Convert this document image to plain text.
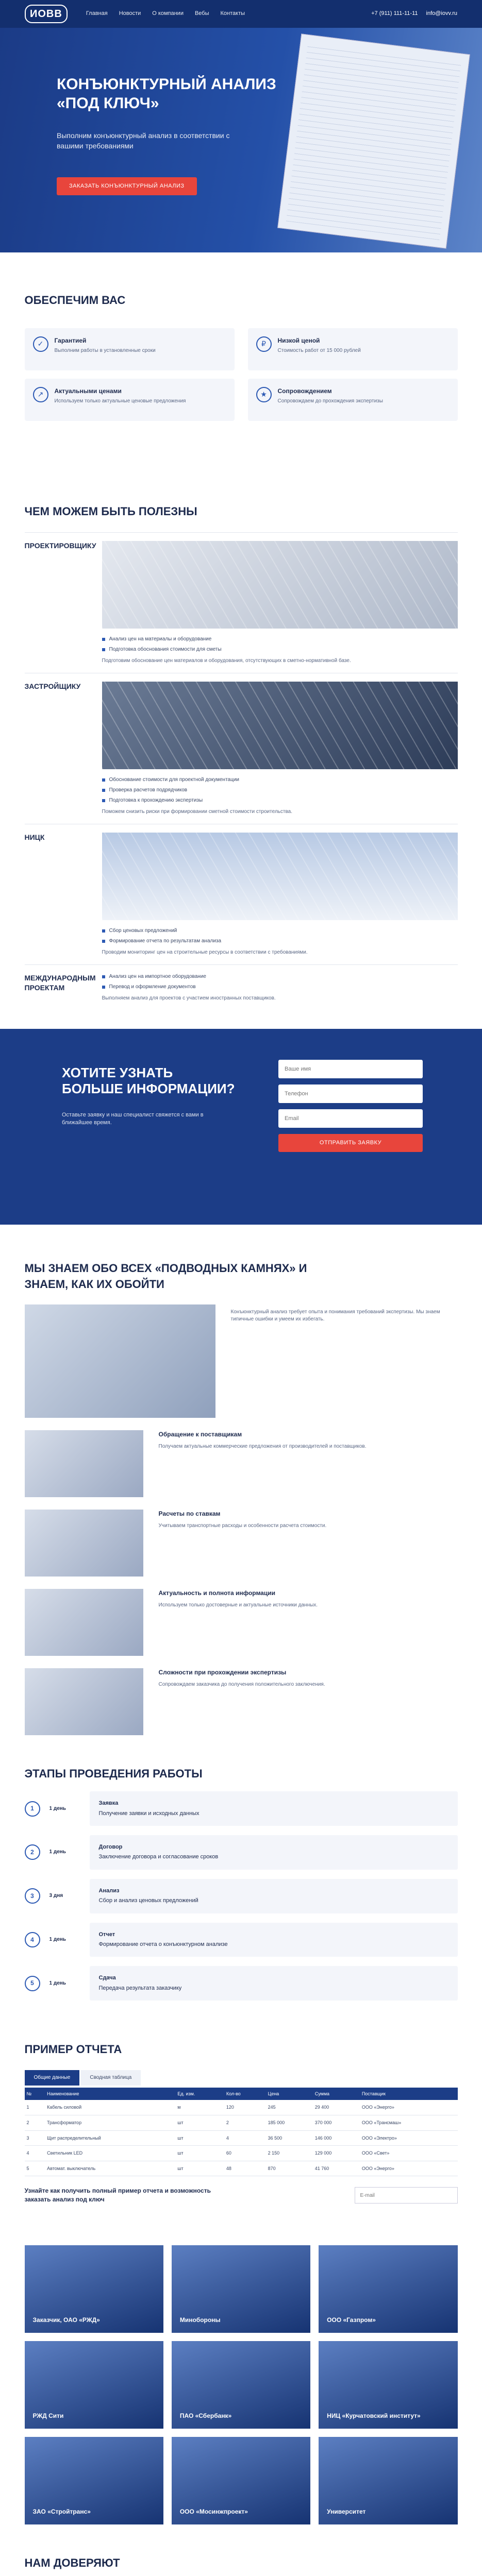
ИОВВ	Главная Новости О компании Вебы Контакты	+7 (911) 111-11-11 info@iovv.ru
КОНЪЮНКТУРНЫЙ АНАЛИЗ «ПОД КЛЮЧ»
Выполним конъюнктурный анализ в соответствии с вашими требованиями
ЗАКАЗАТЬ КОНЪЮНКТУРНЫЙ АНАЛИЗ
ОБЕСПЕЧИМ ВАС
✓	Гарантией

Выполним работы в установленные сроки

₽	Низкой ценой

Стоимость работ от 15 000 рублей

↗	Актуальными ценами

Используем только актуальные ценовые предложения

★	Сопровождением

Сопровождаем до прохождения экспертизы

ЧЕМ МОЖЕМ БЫТЬ ПОЛЕЗНЫ
ПРОЕКТИРОВЩИКУ
Анализ цен на материалы и оборудование
Подготовка обоснования стоимости для сметы
Подготовим обоснование цен материалов и оборудования, отсутствующих в сметно-нормативной базе.
ЗАСТРОЙЩИКУ
Обоснование стоимости для проектной документации
Проверка расчетов подрядчиков
Подготовка к прохождению экспертизы
Поможем снизить риски при формировании сметной стоимости строительства.
НИЦК
Сбор ценовых предложений
Формирование отчета по результатам анализа
Проводим мониторинг цен на строительные ресурсы в соответствии с требованиями.
МЕЖДУНАРОДНЫМ ПРОЕКТАМ
Анализ цен на импортное оборудование
Перевод и оформление документов
Выполняем анализ для проектов с участием иностранных поставщиков.
ХОТИТЕ УЗНАТЬ БОЛЬШЕ ИНФОРМАЦИИ?

Оставьте заявку и наш специалист свяжется с вами в ближайшее время.

Ваше имя
Телефон
Email ОТПРАВИТЬ ЗАЯВКУ
МЫ ЗНАЕМ ОБО ВСЕХ «ПОДВОДНЫХ КАМНЯХ» И ЗНАЕМ, КАК ИХ ОБОЙТИ
Конъюнктурный анализ требует опыта и понимания требований экспертизы. Мы знаем типичные ошибки и умеем их избегать.
Обращение к поставщикам
Получаем актуальные коммерческие предложения от производителей и поставщиков.
Расчеты по ставкам
Учитываем транспортные расходы и особенности расчета стоимости.
Актуальность и полнота информации
Используем только достоверные и актуальные источники данных.
Сложности при прохождении экспертизы
Сопровождаем заказчика до получения положительного заключения.
ЭТАПЫ ПРОВЕДЕНИЯ РАБОТЫ
1	1 день
Заявка
Получение заявки и исходных данных
2	1 день
Договор
Заключение договора и согласование сроков
3	3 дня
Анализ
Сбор и анализ ценовых предложений
4	1 день
Отчет
Формирование отчета о конъюнктурном анализе
5	1 день
Сдача
Передача результата заказчику
ПРИМЕР ОТЧЕТА
Общие данные	Сводная таблица
№	Наименование	Ед. изм.	Кол-во	Цена	Сумма	Поставщик
1	Кабель силовой	м	120	245	29 400	ООО «Энерго»
2	Трансформатор	шт	2	185 000	370 000	ООО «Трансмаш»
3	Щит распределительный	шт	4	36 500	146 000	ООО «Электро»
4	Светильник LED	шт	60	2 150	129 000	ООО «Свет»
5	Автомат. выключатель	шт	48	870	41 760	ООО «Энерго»

Узнайте как получить полный пример отчета и возможность заказать анализ под ключ

E-mail
Заказчик, ОАО «РЖД»	Минобороны	ООО «Газпром»
РЖД Сити	ПАО «Сбербанк»	НИЦ «Курчатовский институт»
ЗАО «Стройтранс»	ООО «Мосинжпроект»	Университет
НАМ ДОВЕРЯЮТ
